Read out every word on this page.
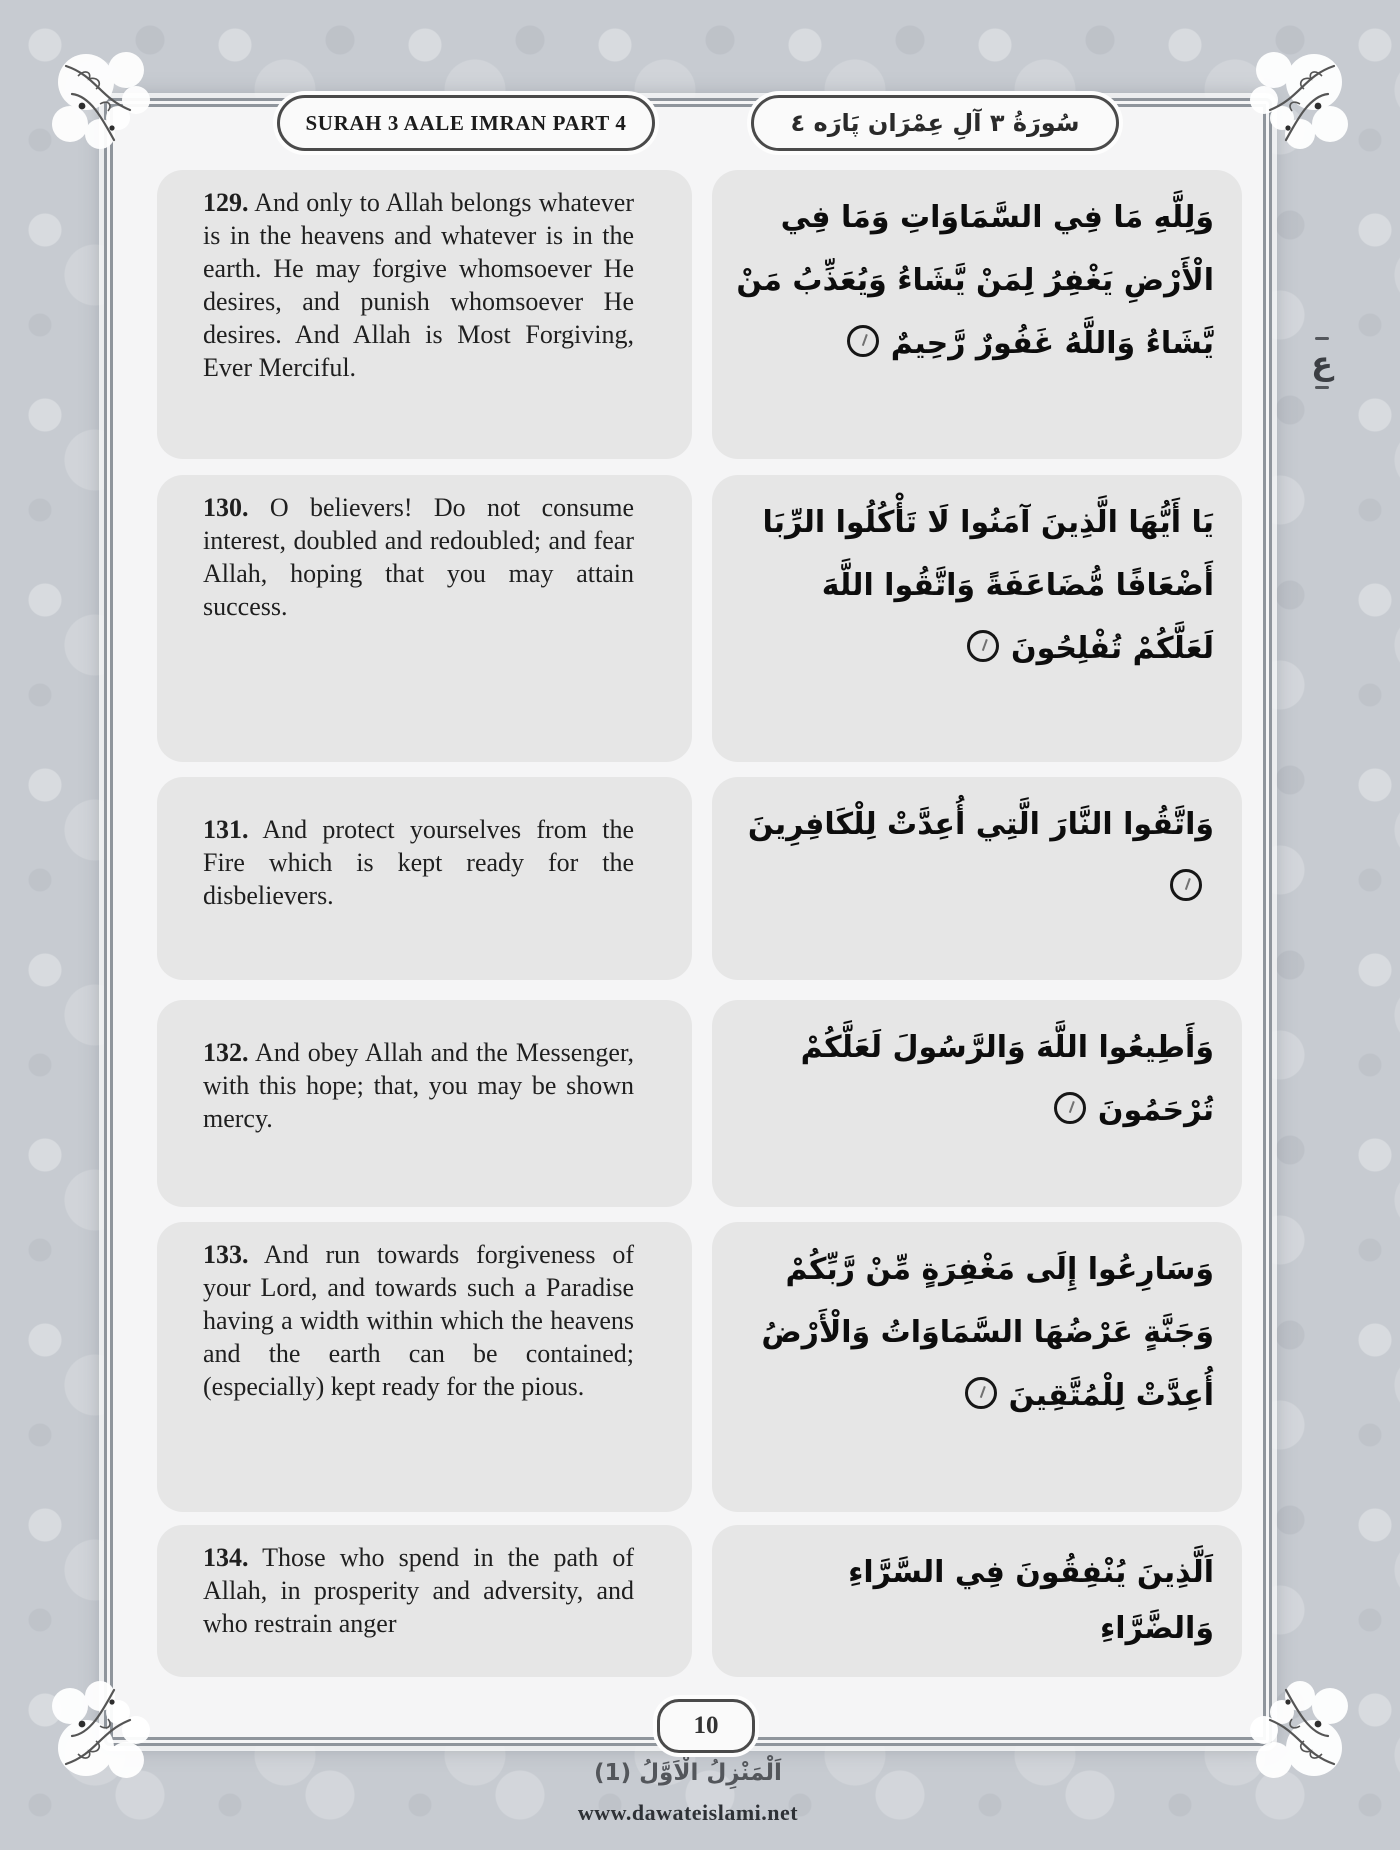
ع
SURAH 3 AALE IMRAN PART 4	سُورَةُ ٣ آلِ عِمْرَان پَارَه ٤

129. And only to Allah belongs whatever is in the heavens and whatever is in the earth. He may forgive whomsoever He desires, and punish whomsoever He desires. And Allah is Most Forgiving, Ever Merciful.

وَلِلَّهِ مَا فِي السَّمَاوَاتِ وَمَا فِي الْأَرْضِ يَغْفِرُ لِمَنْ يَّشَاءُ وَيُعَذِّبُ مَنْ يَّشَاءُ وَاللَّهُ غَفُورٌ رَّحِيمٌ

130. O believers! Do not consume interest, doubled and redoubled; and fear Allah, hoping that you may attain success.

يَا أَيُّهَا الَّذِينَ آمَنُوا لَا تَأْكُلُوا الرِّبَا أَضْعَافًا مُّضَاعَفَةً وَاتَّقُوا اللَّهَ لَعَلَّكُمْ تُفْلِحُونَ

131. And protect yourselves from the Fire which is kept ready for the disbelievers.

وَاتَّقُوا النَّارَ الَّتِي أُعِدَّتْ لِلْكَافِرِينَ

132. And obey Allah and the Messenger, with this hope; that, you may be shown mercy.

وَأَطِيعُوا اللَّهَ وَالرَّسُولَ لَعَلَّكُمْ تُرْحَمُونَ

133. And run towards forgiveness of your Lord, and towards such a Paradise having a width within which the heavens and the earth can be contained; (especially) kept ready for the pious.

وَسَارِعُوا إِلَى مَغْفِرَةٍ مِّنْ رَّبِّكُمْ وَجَنَّةٍ عَرْضُهَا السَّمَاوَاتُ وَالْأَرْضُ أُعِدَّتْ لِلْمُتَّقِينَ

134. Those who spend in the path of Allah, in prosperity and adversity, and who restrain anger

اَلَّذِينَ يُنْفِقُونَ فِي السَّرَّاءِ وَالضَّرَّاءِ

10
اَلْمَنْزِلُ الْاَوَّلُ (1)
www.dawateislami.net
